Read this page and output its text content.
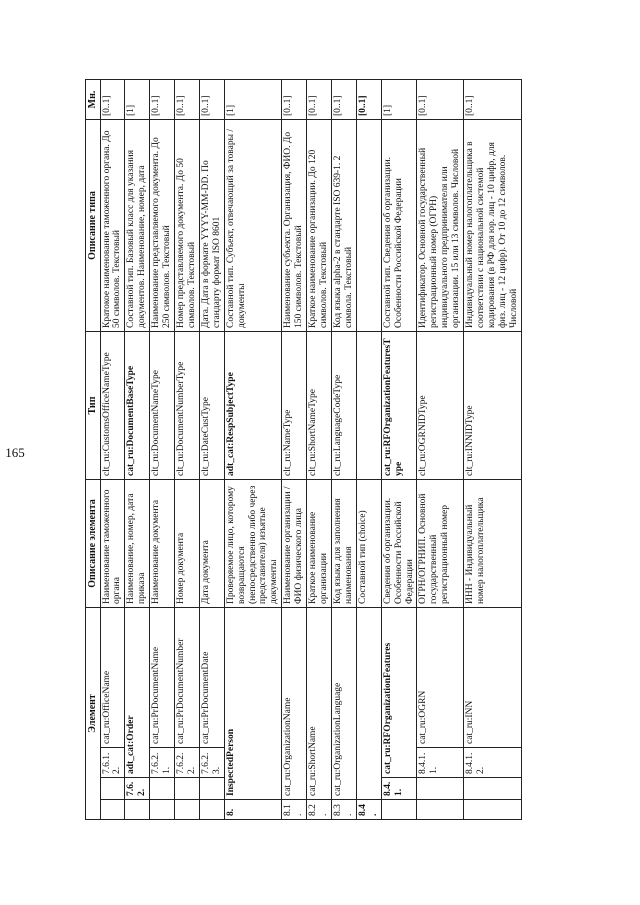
165
Элемент				Описание элемента	Тип	Описание типа	Мн.
		7.6.1.2.	cat_ru:OfficeName	Наименование таможенного органа	clt_ru:CustomsOfficeNameType	Кратокое наименование таможенного органа. До 50 символов. Текстовый	[0..1]
	7.6.2.	adt_cat:Order		Наименование, номер, дата приказа	cat_ru:DocumentBaseType	Составной тип. Базовый класс для указания документов. Наименование, номер, дата	[1]
		7.6.2.1.	cat_ru:PrDocumentName	Наименование документа	clt_ru:DocumentNameType	Наименование представляемого документа. До 250 символов. Текстовый	[0..1]
		7.6.2.2.	cat_ru:PrDocumentNumber	Номер документа	clt_ru:DocumentNumberType	Номер представляемого документа. До 50 символов. Текстовый	[0..1]
		7.6.2.3.	cat_ru:PrDocumentDate	Дата документа	clt_ru:DateCustType	Дата. Дата в формате YYYY-MM-DD. По стандарту формат ISO 8601	[0..1]
8.	InspectedPerson			Проверяемое лицо, которому возвращаются (непосредственно либо через представителя) изъятые документы	adt_cat:RespSubjectType	Составной тип. Субъект, отвечающий за товары / документы	[1]
8.1.	cat_ru:OrganizationName			Наименование организации / ФИО физического лица	clt_ru:NameType	Наименование субъекта. Организация, ФИО. До 150 символов. Текстовый	[0..1]
8.2.	cat_ru:ShortName			Краткое наименование организации	clt_ru:ShortNameType	Краткое наименование организации. До 120 символов. Текстовый	[0..1]
8.3.	cat_ru:OrganizationLanguage			Код языка для заполнения наименования	clt_ru:LanguageCodeType	Код языка alpha-2 в стандарте ISO 639-1. 2 символа. Текстовый	[0..1]
8.4.				Составной тип (choice)			[0..1]
	8.4.1.	cat_ru:RFOrganizationFeatures		Сведения об организации. Особенности Российской Федерации	cat_ru:RFOrganizationFeaturesType	Составной тип. Сведения об организации. Особенности Российской Федерации	[1]
		8.4.1.1.	cat_ru:OGRN	ОГРН/ОГРНИП. Основной государственный регистрационный номер	clt_ru:OGRNIDType	Идентификатор. Основной государственный регистрационный номер (ОГРН) индивидуального предпринимателя или организации. 15 или 13 символов. Числовой	[0..1]
		8.4.1.2.	cat_ru:INN	ИНН - Индивидуальный номер налогоплательщика	clt_ru:INNIDType	Индивидуальный номер налогоплательщика в соответствии с национальной системой кодирования (в РФ для юр. лиц - 10 цифр, для физ. лиц - 12 цифр). От 10 до 12 символов. Числовой	[0..1]
